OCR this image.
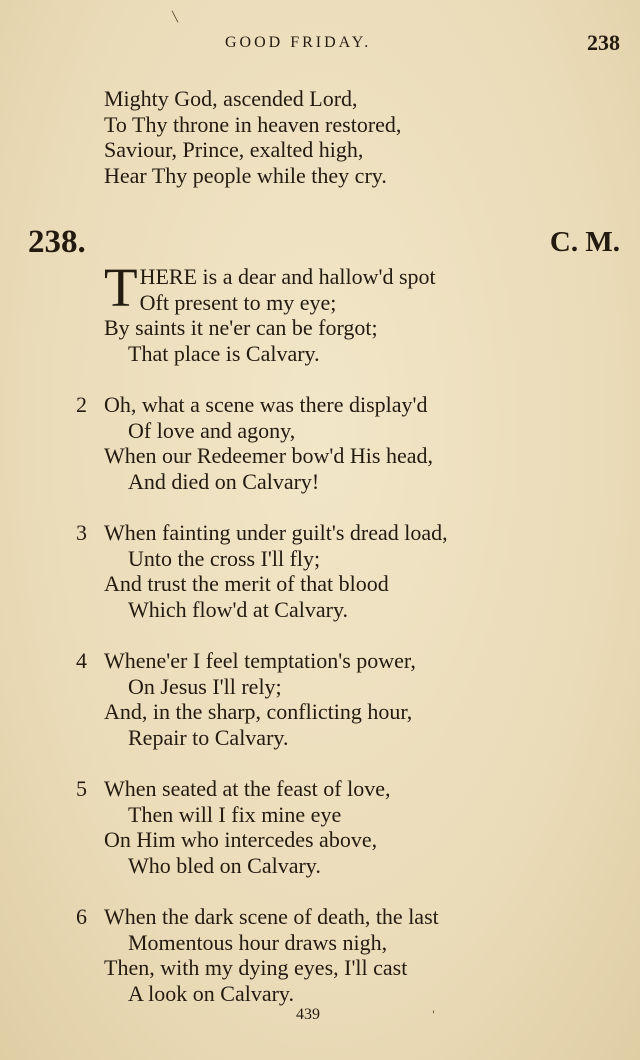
╲
GOOD FRIDAY.	238
Mighty God, ascended Lord,
To Thy throne in heaven restored,
Saviour, Prince, exalted high,
Hear Thy people while they cry.
238.	C. M.
T HERE is a dear and hallow'd spot
Oft present to my eye;
By saints it ne'er can be forgot;
That place is Calvary.
2 Oh, what a scene was there display'd
Of love and agony,
When our Redeemer bow'd His head,
And died on Calvary!
3 When fainting under guilt's dread load,
Unto the cross I'll fly;
And trust the merit of that blood
Which flow'd at Calvary.
4 Whene'er I feel temptation's power,
On Jesus I'll rely;
And, in the sharp, conflicting hour,
Repair to Calvary.
5 When seated at the feast of love,
Then will I fix mine eye
On Him who intercedes above,
Who bled on Calvary.
6 When the dark scene of death, the last
Momentous hour draws nigh,
Then, with my dying eyes, I'll cast
A look on Calvary.
439	'
